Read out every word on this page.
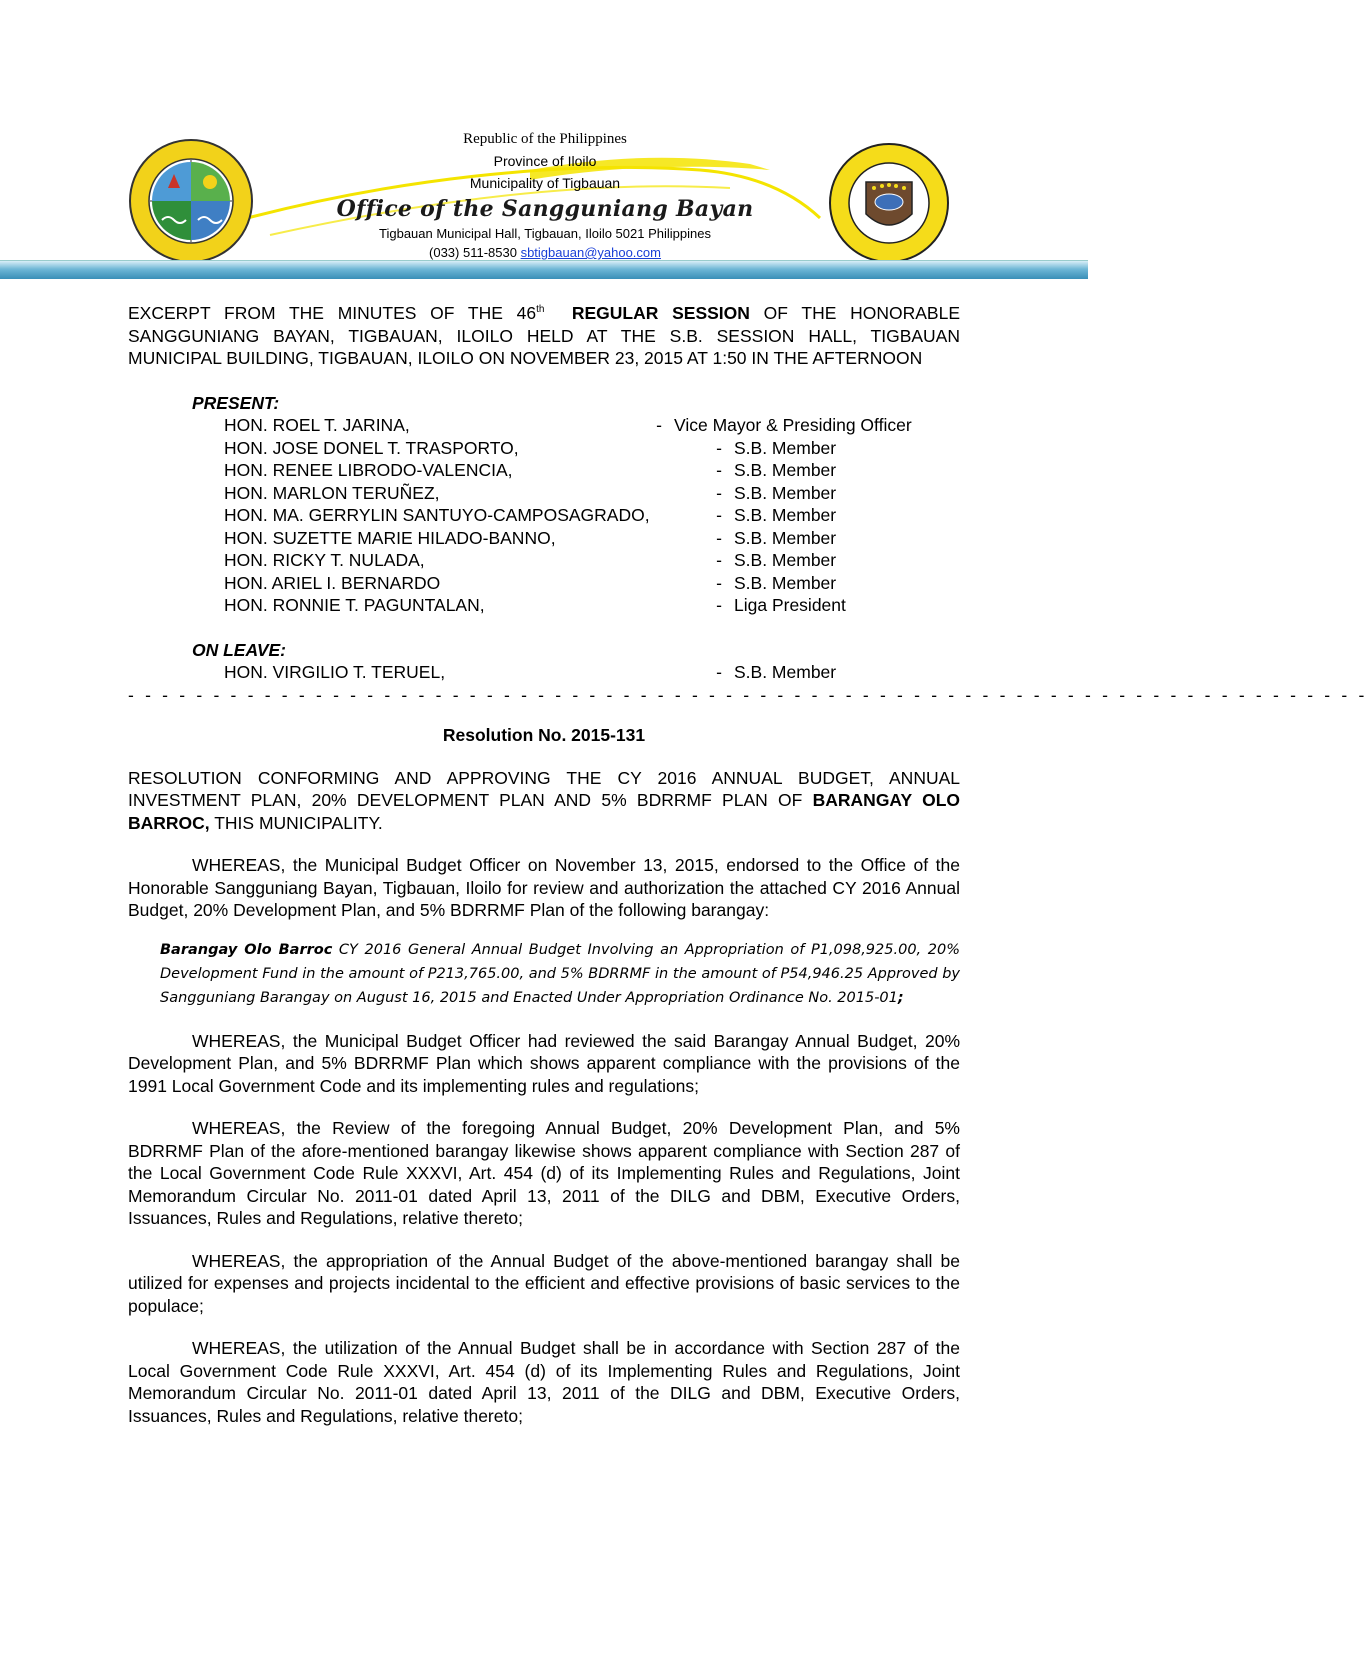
Republic of the Philippines
Province of Iloilo
Municipality of Tigbauan
Office of the Sangguniang Bayan
Tigbauan Municipal Hall, Tigbauan, Iloilo 5021 Philippines
(033) 511-8530 sbtigbauan@yahoo.com

EXCERPT FROM THE MINUTES OF THE 46th REGULAR SESSION OF THE HONORABLE SANGGUNIANG BAYAN, TIGBAUAN, ILOILO HELD AT THE S.B. SESSION HALL, TIGBAUAN MUNICIPAL BUILDING, TIGBAUAN, ILOILO ON NOVEMBER 23, 2015 AT 1:50 IN THE AFTERNOON

PRESENT:

HON. ROEL T. JARINA,	- Vice Mayor & Presiding Officer
HON. JOSE DONEL T. TRASPORTO,	- S.B. Member
HON. RENEE LIBRODO-VALENCIA,	- S.B. Member
HON. MARLON TERUÑEZ,	- S.B. Member
HON. MA. GERRYLIN SANTUYO-CAMPOSAGRADO,	- S.B. Member
HON. SUZETTE MARIE HILADO-BANNO,	- S.B. Member
HON. RICKY T. NULADA,	- S.B. Member
HON. ARIEL I. BERNARDO	- S.B. Member
HON. RONNIE T. PAGUNTALAN,	- Liga President

ON LEAVE:

HON. VIRGILIO T. TERUEL,	- S.B. Member
- - - - - - - - - - - - - - - - - - - - - - - - - - - - - - - - - - - - - - - - - - - - - - - - - - - - - - - - - - - - - - - - - - - - - - - - -

Resolution No. 2015-131

RESOLUTION CONFORMING AND APPROVING THE CY 2016 ANNUAL BUDGET, ANNUAL INVESTMENT PLAN, 20% DEVELOPMENT PLAN AND 5% BDRRMF PLAN OF BARANGAY OLO BARROC, THIS MUNICIPALITY.

WHEREAS, the Municipal Budget Officer on November 13, 2015, endorsed to the Office of the Honorable Sangguniang Bayan, Tigbauan, Iloilo for review and authorization the attached CY 2016 Annual Budget, 20% Development Plan, and 5% BDRRMF Plan of the following barangay:

Barangay Olo Barroc CY 2016 General Annual Budget Involving an Appropriation of P1,098,925.00, 20% Development Fund in the amount of P213,765.00, and 5% BDRRMF in the amount of P54,946.25 Approved by Sangguniang Barangay on August 16, 2015 and Enacted Under Appropriation Ordinance No. 2015-01;

WHEREAS, the Municipal Budget Officer had reviewed the said Barangay Annual Budget, 20% Development Plan, and 5% BDRRMF Plan which shows apparent compliance with the provisions of the 1991 Local Government Code and its implementing rules and regulations;

WHEREAS, the Review of the foregoing Annual Budget, 20% Development Plan, and 5% BDRRMF Plan of the afore-mentioned barangay likewise shows apparent compliance with Section 287 of the Local Government Code Rule XXXVI, Art. 454 (d) of its Implementing Rules and Regulations, Joint Memorandum Circular No. 2011-01 dated April 13, 2011 of the DILG and DBM, Executive Orders, Issuances, Rules and Regulations, relative thereto;

WHEREAS, the appropriation of the Annual Budget of the above-mentioned barangay shall be utilized for expenses and projects incidental to the efficient and effective provisions of basic services to the populace;

WHEREAS, the utilization of the Annual Budget shall be in accordance with Section 287 of the Local Government Code Rule XXXVI, Art. 454 (d) of its Implementing Rules and Regulations, Joint Memorandum Circular No. 2011-01 dated April 13, 2011 of the DILG and DBM, Executive Orders, Issuances, Rules and Regulations, relative thereto;
